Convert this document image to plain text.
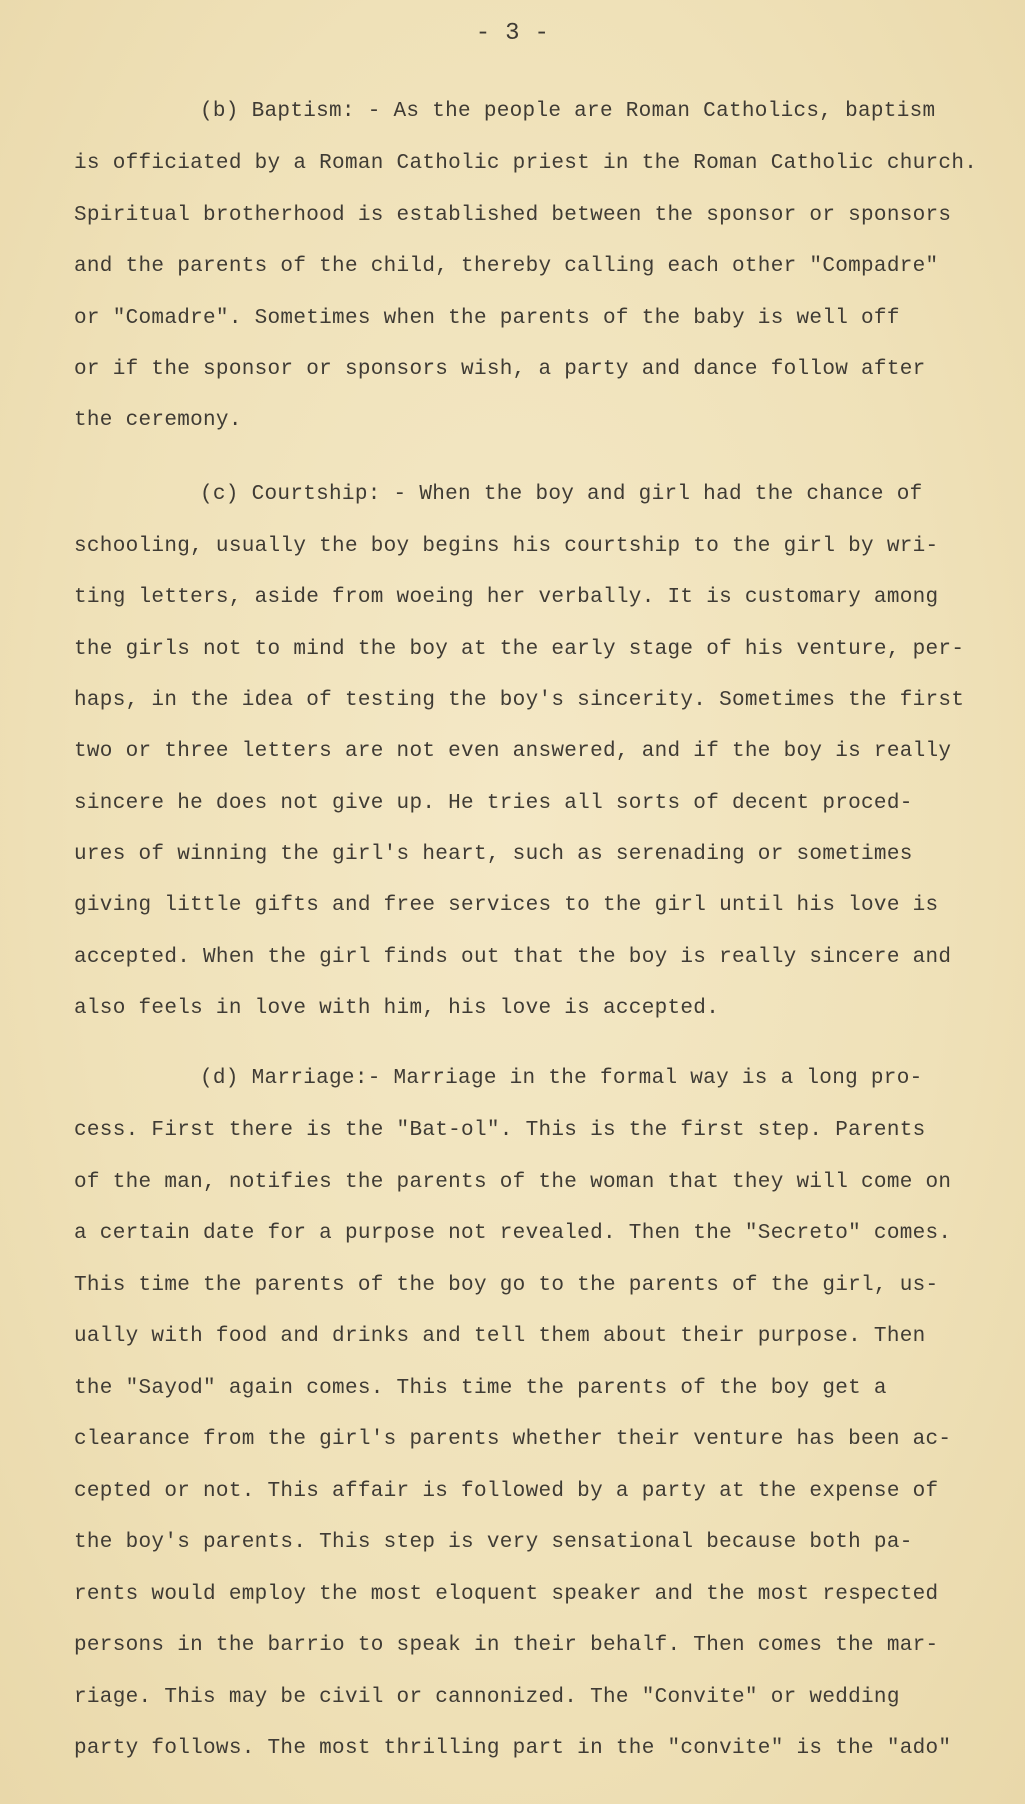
- 3 -
(b) Baptism: - As the people are Roman Catholics, baptism
is officiated by a Roman Catholic priest in the Roman Catholic church.
Spiritual brotherhood is established between the sponsor or sponsors
and the parents of the child, thereby calling each other "Compadre"
or "Comadre". Sometimes when the parents of the baby is well off
or if the sponsor or sponsors wish, a party and dance follow after
the ceremony.
(c) Courtship: - When the boy and girl had the chance of
schooling, usually the boy begins his courtship to the girl by wri-
ting letters, aside from woeing her verbally. It is customary among
the girls not to mind the boy at the early stage of his venture, per-
haps, in the idea of testing the boy's sincerity. Sometimes the first
two or three letters are not even answered, and if the boy is really
sincere he does not give up. He tries all sorts of decent proced-
ures of winning the girl's heart, such as serenading or sometimes
giving little gifts and free services to the girl until his love is
accepted. When the girl finds out that the boy is really sincere and
also feels in love with him, his love is accepted.
(d) Marriage:- Marriage in the formal way is a long pro-
cess. First there is the "Bat-ol". This is the first step. Parents
of the man, notifies the parents of the woman that they will come on
a certain date for a purpose not revealed. Then the "Secreto" comes.
This time the parents of the boy go to the parents of the girl, us-
ually with food and drinks and tell them about their purpose. Then
the "Sayod" again comes. This time the parents of the boy get a
clearance from the girl's parents whether their venture has been ac-
cepted or not. This affair is followed by a party at the expense of
the boy's parents. This step is very sensational because both pa-
rents would employ the most eloquent speaker and the most respected
persons in the barrio to speak in their behalf. Then comes the mar-
riage. This may be civil or cannonized. The "Convite" or wedding
party follows. The most thrilling part in the "convite" is the "ado"
